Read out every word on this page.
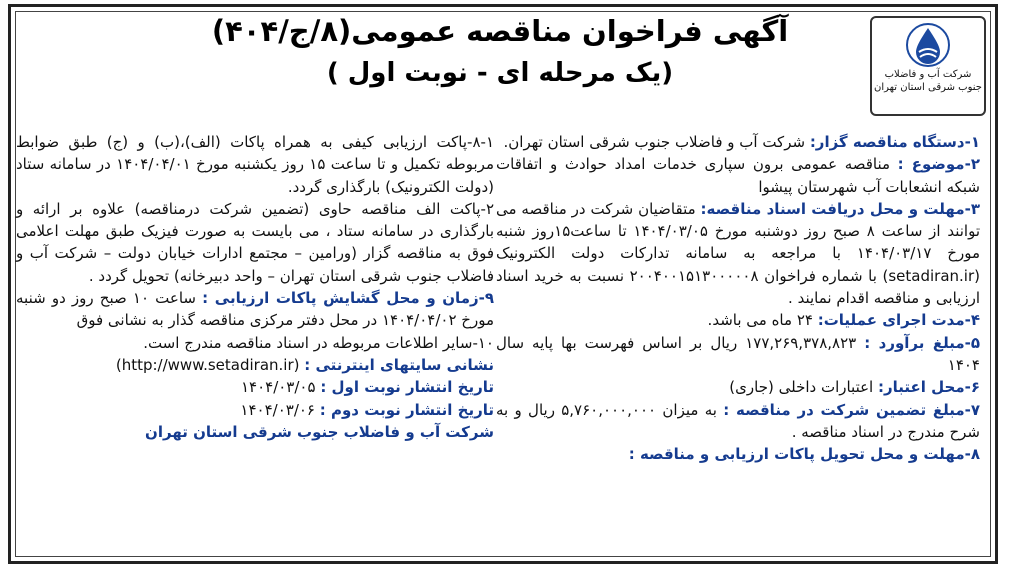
شرکت آب و فاضلاب
جنوب شرقی استان تهران
آگهی فراخوان مناقصه عمومی(۸/ج/۴۰۴)
(یک مرحله ای - نوبت اول )

۱-دستگاه مناقصه گزار: شرکت آب و فاضلاب جنوب شرقی استان تهران.

۲-موضوع : مناقصه عمومی برون سپاری خدمات امداد حوادث و اتفاقات شبکه انشعابات آب شهرستان پیشوا

۳-مهلت و محل دریافت اسناد مناقصه: متقاضیان شرکت در مناقصه می توانند از ساعت ۸ صبح روز دوشنبه مورخ ۱۴۰۴/۰۳/۰۵ تا ساعت۱۵روز شنبه مورخ ۱۴۰۴/۰۳/۱۷ با مراجعه به سامانه تدارکات دولت الکترونیک (setadiran.ir) با شماره فراخوان ۲۰۰۴۰۰۱۵۱۳۰۰۰۰۰۸ نسبت به خرید اسناد ارزیابی و مناقصه اقدام نمایند .

۴-مدت اجرای عملیات: ۲۴ ماه می باشد.

۵-مبلغ برآورد : ۱۷۷,۲۶۹,۳۷۸,۸۲۳ ریال بر اساس فهرست بها پایه سال ۱۴۰۴

۶-محل اعتبار: اعتبارات داخلی (جاری)

۷-مبلغ تضمین شرکت در مناقصه : به میزان ۵,۷۶۰,۰۰۰,۰۰۰ ریال و به شرح مندرج در اسناد مناقصه .

۸-مهلت و محل تحویل پاکات ارزیابی و مناقصه :

۸-۱-پاکت ارزیابی کیفی به همراه پاکات (الف)،(ب) و (ج) طبق ضوابط مربوطه تکمیل و تا ساعت ۱۵ روز یکشنبه مورخ ۱۴۰۴/۰۴/۰۱ در سامانه ستاد (دولت الکترونیک) بارگذاری گردد.

۲-پاکت الف مناقصه حاوی (تضمین شرکت درمناقصه) علاوه بر ارائه و بارگذاری در سامانه ستاد ، می بایست به صورت فیزیک طبق مهلت اعلامی فوق به مناقصه گزار (ورامین – مجتمع ادارات خیابان دولت – شرکت آب و فاضلاب جنوب شرقی استان تهران – واحد دبیرخانه) تحویل گردد .

۹-زمان و محل گشایش پاکات ارزیابی : ساعت ۱۰ صبح روز دو شنبه مورخ ۱۴۰۴/۰۴/۰۲ در محل دفتر مرکزی مناقصه گذار به نشانی فوق

۱۰-سایر اطلاعات مربوطه در اسناد مناقصه مندرج است.

نشانی سایتهای اینترنتی : (http://www.setadiran.ir)

تاریخ انتشار نوبت اول : ۱۴۰۴/۰۳/۰۵

تاریخ انتشار نوبت دوم : ۱۴۰۴/۰۳/۰۶

شرکت آب و فاضلاب جنوب شرقی استان تهران
